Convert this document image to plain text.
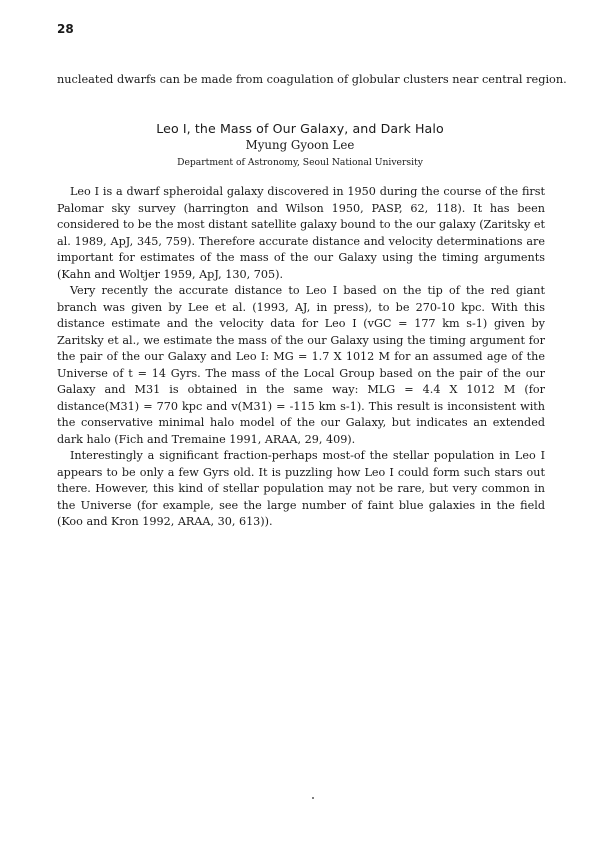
28
nucleated dwarfs can be made from coagulation of globular clusters near central region.
Leo I, the Mass of Our Galaxy, and Dark Halo
Myung Gyoon Lee
Department of Astronomy, Seoul National University

Leo I is a dwarf spheroidal galaxy discovered in 1950 during the course of the first Palomar sky survey (harrington and Wilson 1950, PASP, 62, 118). It has been considered to be the most distant satellite galaxy bound to the our galaxy (Zaritsky et al. 1989, ApJ, 345, 759). Therefore accurate distance and velocity determinations are important for estimates of the mass of the our Galaxy using the timing arguments (Kahn and Woltjer 1959, ApJ, 130, 705).

Very recently the accurate distance to Leo I based on the tip of the red giant branch was given by Lee et al. (1993, AJ, in press), to be 270-10 kpc. With this distance estimate and the velocity data for Leo I (vGC = 177 km s-1) given by Zaritsky et al., we estimate the mass of the our Galaxy using the timing argument for the pair of the our Galaxy and Leo I: MG = 1.7 X 1012 M for an assumed age of the Universe of t = 14 Gyrs. The mass of the Local Group based on the pair of the our Galaxy and M31 is obtained in the same way: MLG = 4.4 X 1012 M (for distance(M31) = 770 kpc and v(M31) = -115 km s-1). This result is inconsistent with the conservative minimal halo model of the our Galaxy, but indicates an extended dark halo (Fich and Tremaine 1991, ARAA, 29, 409).

Interestingly a significant fraction-perhaps most-of the stellar population in Leo I appears to be only a few Gyrs old. It is puzzling how Leo I could form such stars out there. However, this kind of stellar population may not be rare, but very common in the Universe (for example, see the large number of faint blue galaxies in the field (Koo and Kron 1992, ARAA, 30, 613)).
